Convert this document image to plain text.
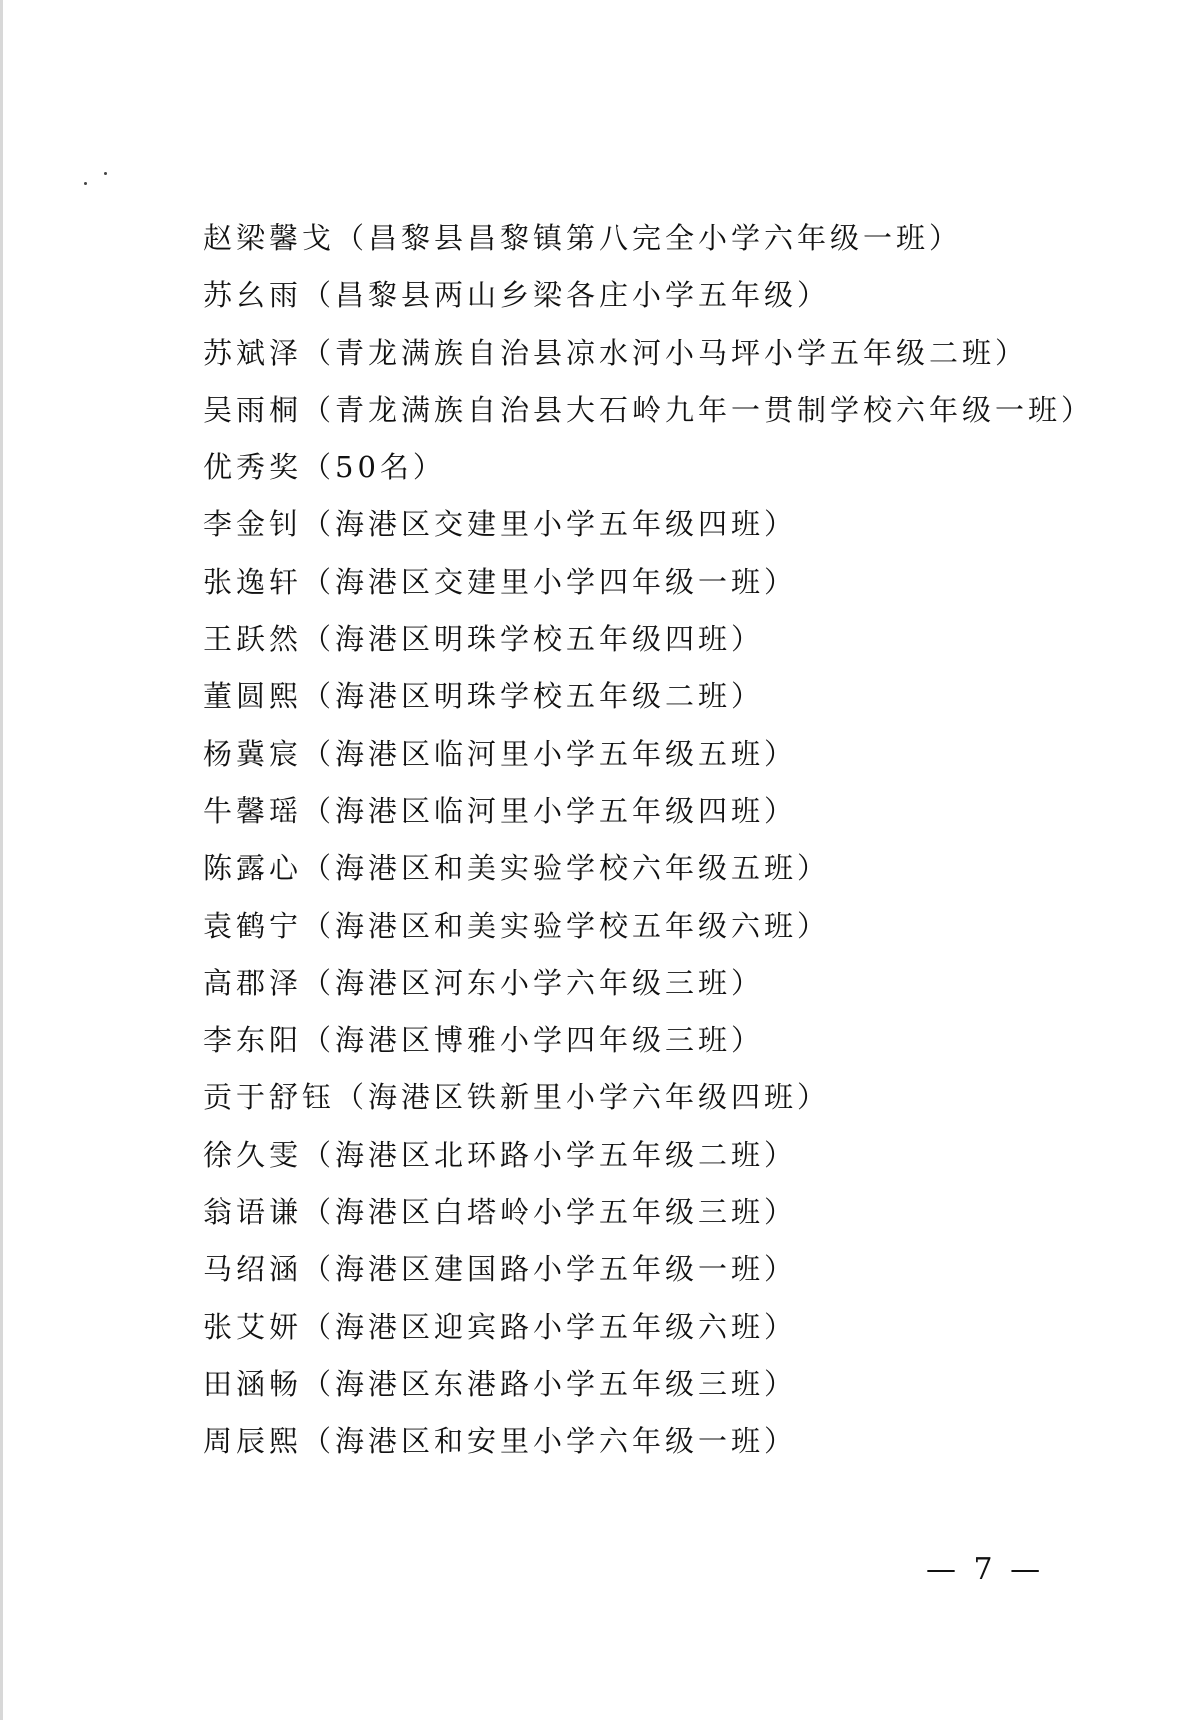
赵梁馨戈（昌黎县昌黎镇第八完全小学六年级一班）
苏幺雨（昌黎县两山乡梁各庄小学五年级）
苏斌泽（青龙满族自治县凉水河小马坪小学五年级二班）
吴雨桐（青龙满族自治县大石岭九年一贯制学校六年级一班）
优秀奖（50名）
李金钊（海港区交建里小学五年级四班）
张逸轩（海港区交建里小学四年级一班）
王跃然（海港区明珠学校五年级四班）
董圆熙（海港区明珠学校五年级二班）
杨冀宸（海港区临河里小学五年级五班）
牛馨瑶（海港区临河里小学五年级四班）
陈露心（海港区和美实验学校六年级五班）
袁鹤宁（海港区和美实验学校五年级六班）
高郡泽（海港区河东小学六年级三班）
李东阳（海港区博雅小学四年级三班）
贡于舒钰（海港区铁新里小学六年级四班）
徐久雯（海港区北环路小学五年级二班）
翁语谦（海港区白塔岭小学五年级三班）
马绍涵（海港区建国路小学五年级一班）
张艾妍（海港区迎宾路小学五年级六班）
田涵畅（海港区东港路小学五年级三班）
周辰熙（海港区和安里小学六年级一班）
— 7 —
